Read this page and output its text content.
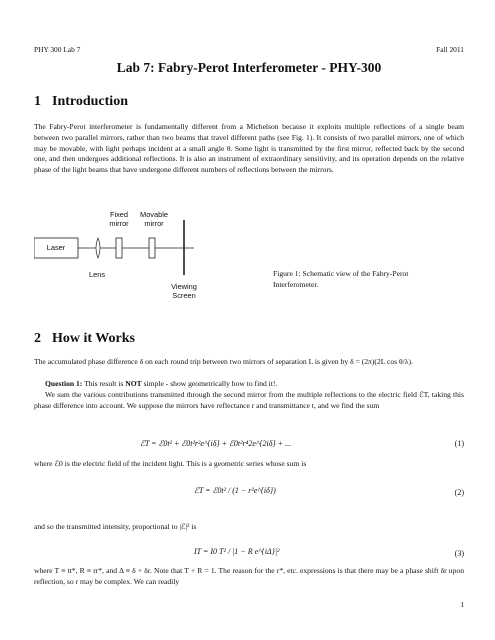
PHY 300 Lab 7	Fall 2011
Lab 7: Fabry-Perot Interferometer - PHY-300
1 Introduction
The Fabry-Perot interferometer is fundamentally different from a Michelson because it exploits multiple reflections of a single beam between two parallel mirrors, rather than two beams that travel different paths (see Fig. 1). It consists of two parallel mirrors, one of which may be movable, with light perhaps incident at a small angle θ. Some light is transmitted by the first mirror, reflected back by the second one, and then undergoes additional reflections. It is also an instrument of extraordinary sensitivity, and its operation depends on the relative phase of the light beams that have undergone different numbers of reflections between the mirrors.
Laser
Fixed mirror
Movable mirror
Lens
Viewing Screen
Figure 1: Schematic view of the Fabry-Perot Interferometer.
2 How it Works
The accumulated phase difference δ on each round trip between two mirrors of separation L is given by δ = (2π)(2L cos θ/λ).
Question 1: This result is NOT simple - show geometrically how to find it!.
We sum the various contributions transmitted through the second mirror from the multiple reflections to the electric field ℰT, taking this phase difference into account. We suppose the mirrors have reflectance r and transmittance t, and we find the sum
ℰT = ℰ0t² + ℰ0t²r²e^{iδ} + ℰ0t²r⁴2e^{2iδ} + ...	(1)
where ℰ0 is the electric field of the incident light. This is a geometric series whose sum is
ℰT = ℰ0t² / (1 − r²e^{iδ})	(2)
and so the transmitted intensity, proportional to |ℰ|² is
IT = I0 T² / |1 − R e^{iΔ}|²	(3)
where T ≡ tt*, R ≡ rr*, and Δ ≡ δ + δr. Note that T + R = 1. The reason for the r*, etc. expressions is that there may be a phase shift δr upon reflection, so r may be complex. We can readily
1
